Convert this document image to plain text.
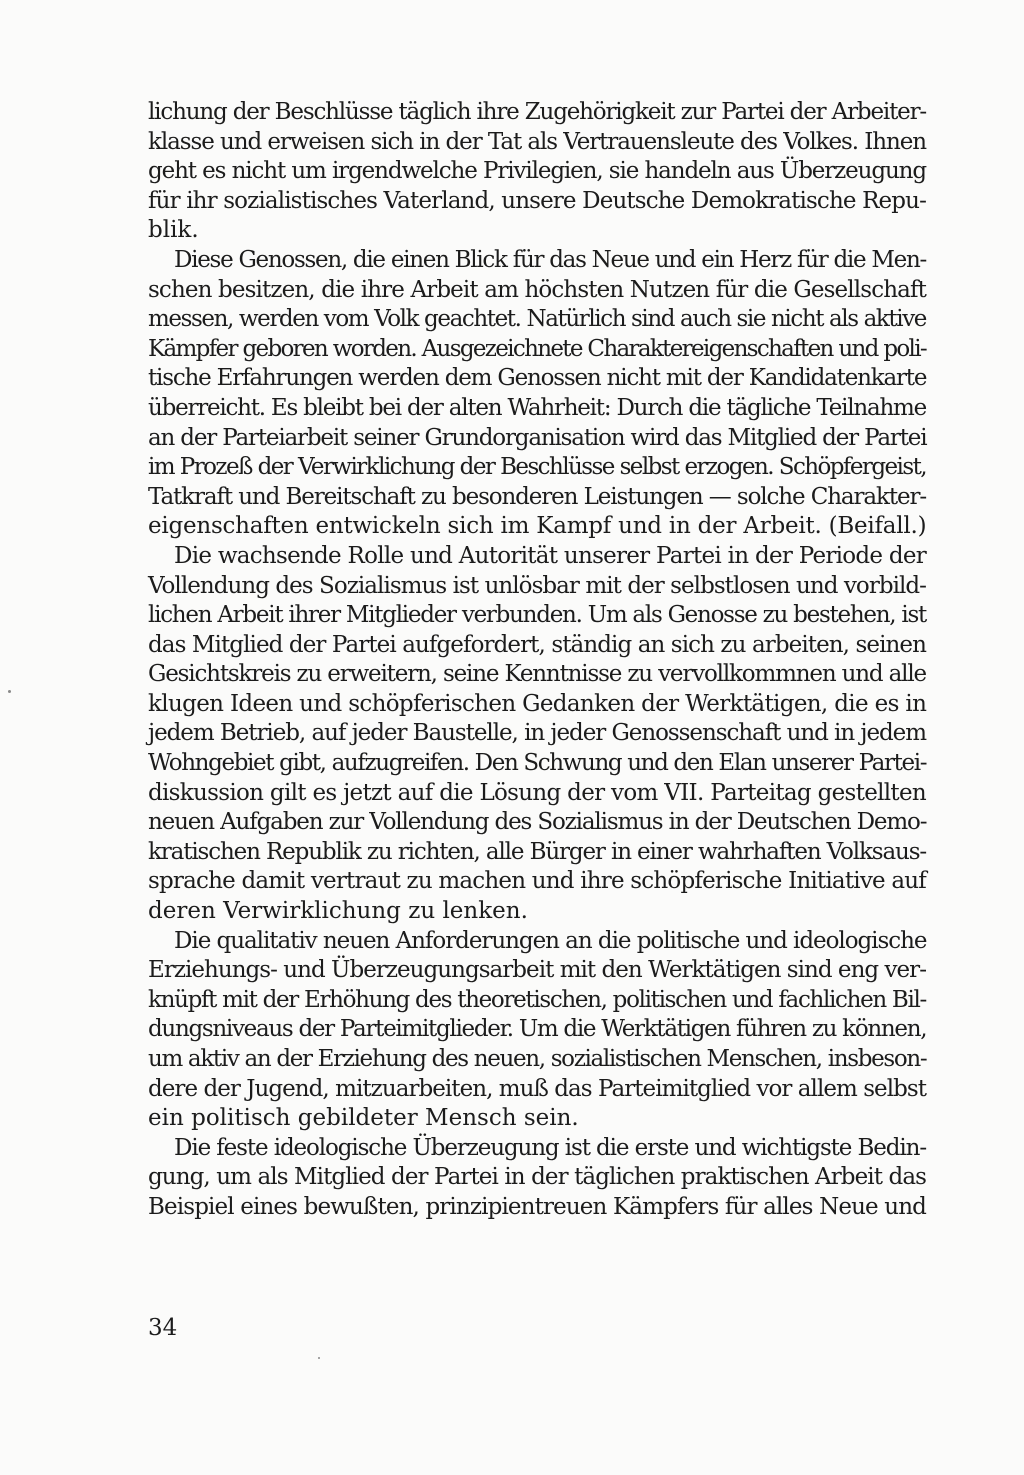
lichung der Beschlüsse täglich ihre Zugehörigkeit zur Partei der Arbeiter-
klasse und erweisen sich in der Tat als Vertrauensleute des Volkes. Ihnen
geht es nicht um irgendwelche Privilegien, sie handeln aus Überzeugung
für ihr sozialistisches Vaterland, unsere Deutsche Demokratische Repu-
blik.
Diese Genossen, die einen Blick für das Neue und ein Herz für die Men-
schen besitzen, die ihre Arbeit am höchsten Nutzen für die Gesellschaft
messen, werden vom Volk geachtet. Natürlich sind auch sie nicht als aktive
Kämpfer geboren worden. Ausgezeichnete Charaktereigenschaften und poli-
tische Erfahrungen werden dem Genossen nicht mit der Kandidatenkarte
überreicht. Es bleibt bei der alten Wahrheit: Durch die tägliche Teilnahme
an der Parteiarbeit seiner Grundorganisation wird das Mitglied der Partei
im Prozeß der Verwirklichung der Beschlüsse selbst erzogen. Schöpfergeist,
Tatkraft und Bereitschaft zu besonderen Leistungen — solche Charakter-
eigenschaften entwickeln sich im Kampf und in der Arbeit. (Beifall.)
Die wachsende Rolle und Autorität unserer Partei in der Periode der
Vollendung des Sozialismus ist unlösbar mit der selbstlosen und vorbild-
lichen Arbeit ihrer Mitglieder verbunden. Um als Genosse zu bestehen, ist
das Mitglied der Partei aufgefordert, ständig an sich zu arbeiten, seinen
Gesichtskreis zu erweitern, seine Kenntnisse zu vervollkommnen und alle
klugen Ideen und schöpferischen Gedanken der Werktätigen, die es in
jedem Betrieb, auf jeder Baustelle, in jeder Genossenschaft und in jedem
Wohngebiet gibt, aufzugreifen. Den Schwung und den Elan unserer Partei-
diskussion gilt es jetzt auf die Lösung der vom VII. Parteitag gestellten
neuen Aufgaben zur Vollendung des Sozialismus in der Deutschen Demo-
kratischen Republik zu richten, alle Bürger in einer wahrhaften Volksaus-
sprache damit vertraut zu machen und ihre schöpferische Initiative auf
deren Verwirklichung zu lenken.
Die qualitativ neuen Anforderungen an die politische und ideologische
Erziehungs- und Überzeugungsarbeit mit den Werktätigen sind eng ver-
knüpft mit der Erhöhung des theoretischen, politischen und fachlichen Bil-
dungsniveaus der Parteimitglieder. Um die Werktätigen führen zu können,
um aktiv an der Erziehung des neuen, sozialistischen Menschen, insbeson-
dere der Jugend, mitzuarbeiten, muß das Parteimitglied vor allem selbst
ein politisch gebildeter Mensch sein.
Die feste ideologische Überzeugung ist die erste und wichtigste Bedin-
gung, um als Mitglied der Partei in der täglichen praktischen Arbeit das
Beispiel eines bewußten, prinzipientreuen Kämpfers für alles Neue und
34
